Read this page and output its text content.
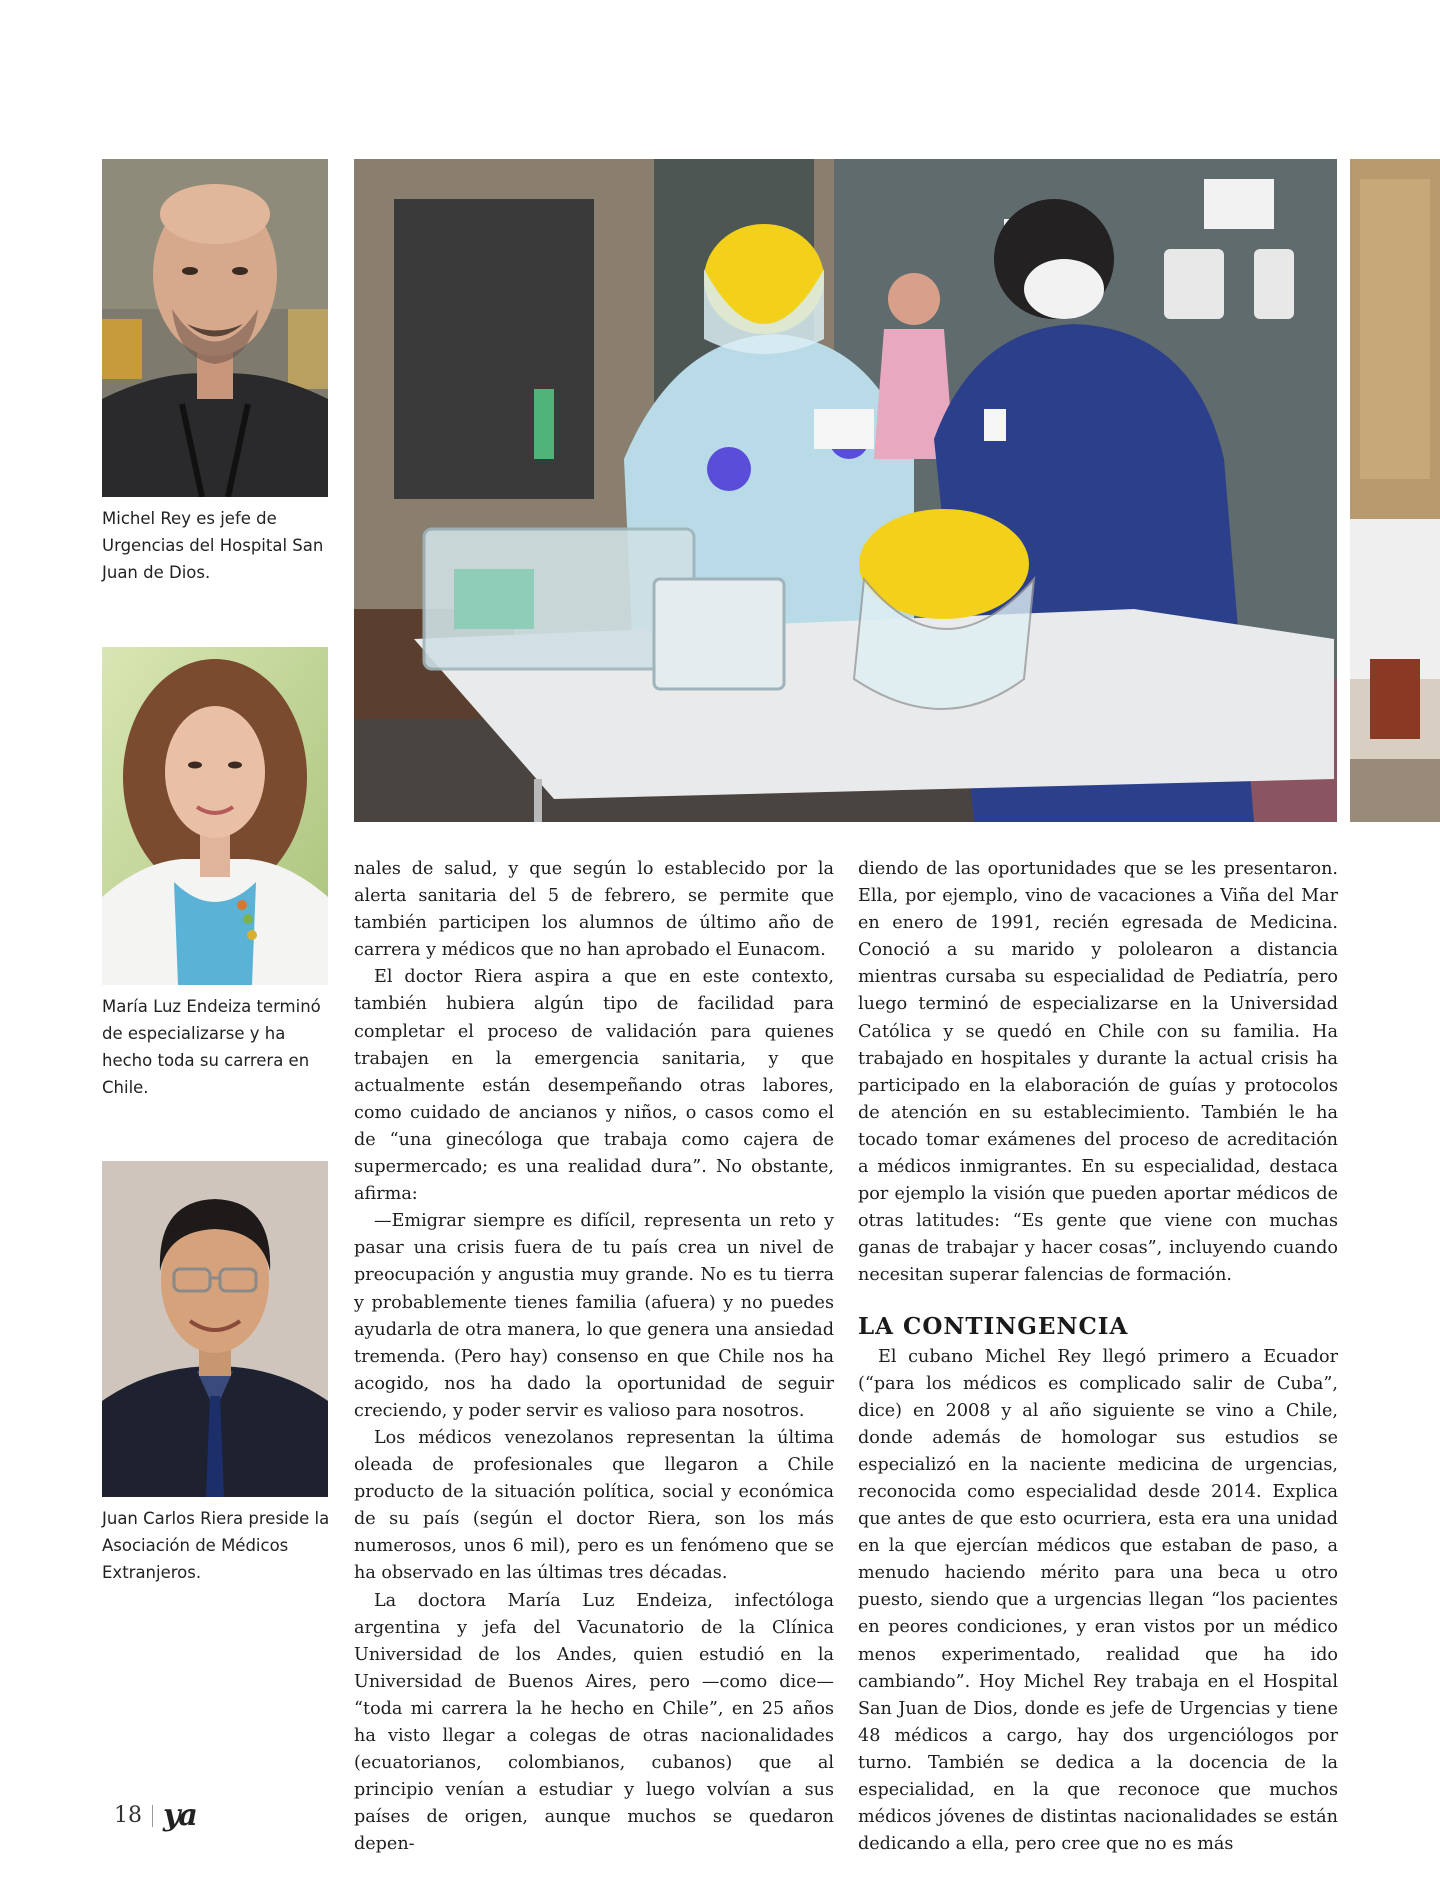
Michel Rey es jefe de Urgencias del Hospital San Juan de Dios.

María Luz Endeiza terminó de especializarse y ha hecho toda su carrera en Chile.

Juan Carlos Riera preside la Asociación de Médicos Extranjeros.

nales de salud, y que según lo establecido por la alerta sanitaria del 5 de febrero, se permite que también participen los alumnos de último año de carrera y médicos que no han aprobado el Eunacom.

El doctor Riera aspira a que en este contexto, también hubiera algún tipo de facilidad para completar el proceso de validación para quienes trabajen en la emergencia sanitaria, y que actualmente están desempeñando otras labores, como cuidado de ancianos y niños, o casos como el de “una ginecóloga que trabaja como cajera de supermercado; es una realidad dura”. No obstante, afirma:

—Emigrar siempre es difícil, representa un reto y pasar una crisis fuera de tu país crea un nivel de preocupación y angustia muy grande. No es tu tierra y probablemente tienes familia (afuera) y no puedes ayudarla de otra manera, lo que genera una ansiedad tremenda. (Pero hay) consenso en que Chile nos ha acogido, nos ha dado la oportunidad de seguir creciendo, y poder servir es valioso para nosotros.

Los médicos venezolanos representan la última oleada de profesionales que llegaron a Chile producto de la situación política, social y económica de su país (según el doctor Riera, son los más numerosos, unos 6 mil), pero es un fenómeno que se ha observado en las últimas tres décadas.

La doctora María Luz Endeiza, infectóloga argentina y jefa del Vacunatorio de la Clínica Universidad de los Andes, quien estudió en la Universidad de Buenos Aires, pero —como dice— “toda mi carrera la he hecho en Chile”, en 25 años ha visto llegar a colegas de otras nacionalidades (ecuatorianos, colombianos, cubanos) que al principio venían a estudiar y luego volvían a sus países de origen, aunque muchos se quedaron depen-

diendo de las oportunidades que se les presentaron. Ella, por ejemplo, vino de vacaciones a Viña del Mar en enero de 1991, recién egresada de Medicina. Conoció a su marido y pololearon a distancia mientras cursaba su especialidad de Pediatría, pero luego terminó de especializarse en la Universidad Católica y se quedó en Chile con su familia. Ha trabajado en hospitales y durante la actual crisis ha participado en la elaboración de guías y protocolos de atención en su establecimiento. También le ha tocado tomar exámenes del proceso de acreditación a médicos inmigrantes. En su especialidad, destaca por ejemplo la visión que pueden aportar médicos de otras latitudes: “Es gente que viene con muchas ganas de trabajar y hacer cosas”, incluyendo cuando necesitan superar falencias de formación.

LA CONTINGENCIA

El cubano Michel Rey llegó primero a Ecuador (“para los médicos es complicado salir de Cuba”, dice) en 2008 y al año siguiente se vino a Chile, donde además de homologar sus estudios se especializó en la naciente medicina de urgencias, reconocida como especialidad desde 2014. Explica que antes de que esto ocurriera, esta era una unidad en la que ejercían médicos que estaban de paso, a menudo haciendo mérito para una beca u otro puesto, siendo que a urgencias llegan “los pacientes en peores condiciones, y eran vistos por un médico menos experimentado, realidad que ha ido cambiando”. Hoy Michel Rey trabaja en el Hospital San Juan de Dios, donde es jefe de Urgencias y tiene 48 médicos a cargo, hay dos urgenciólogos por turno. También se dedica a la docencia de la especialidad, en la que reconoce que muchos médicos jóvenes de distintas nacionalidades se están dedicando a ella, pero cree que no es más

18 ya
